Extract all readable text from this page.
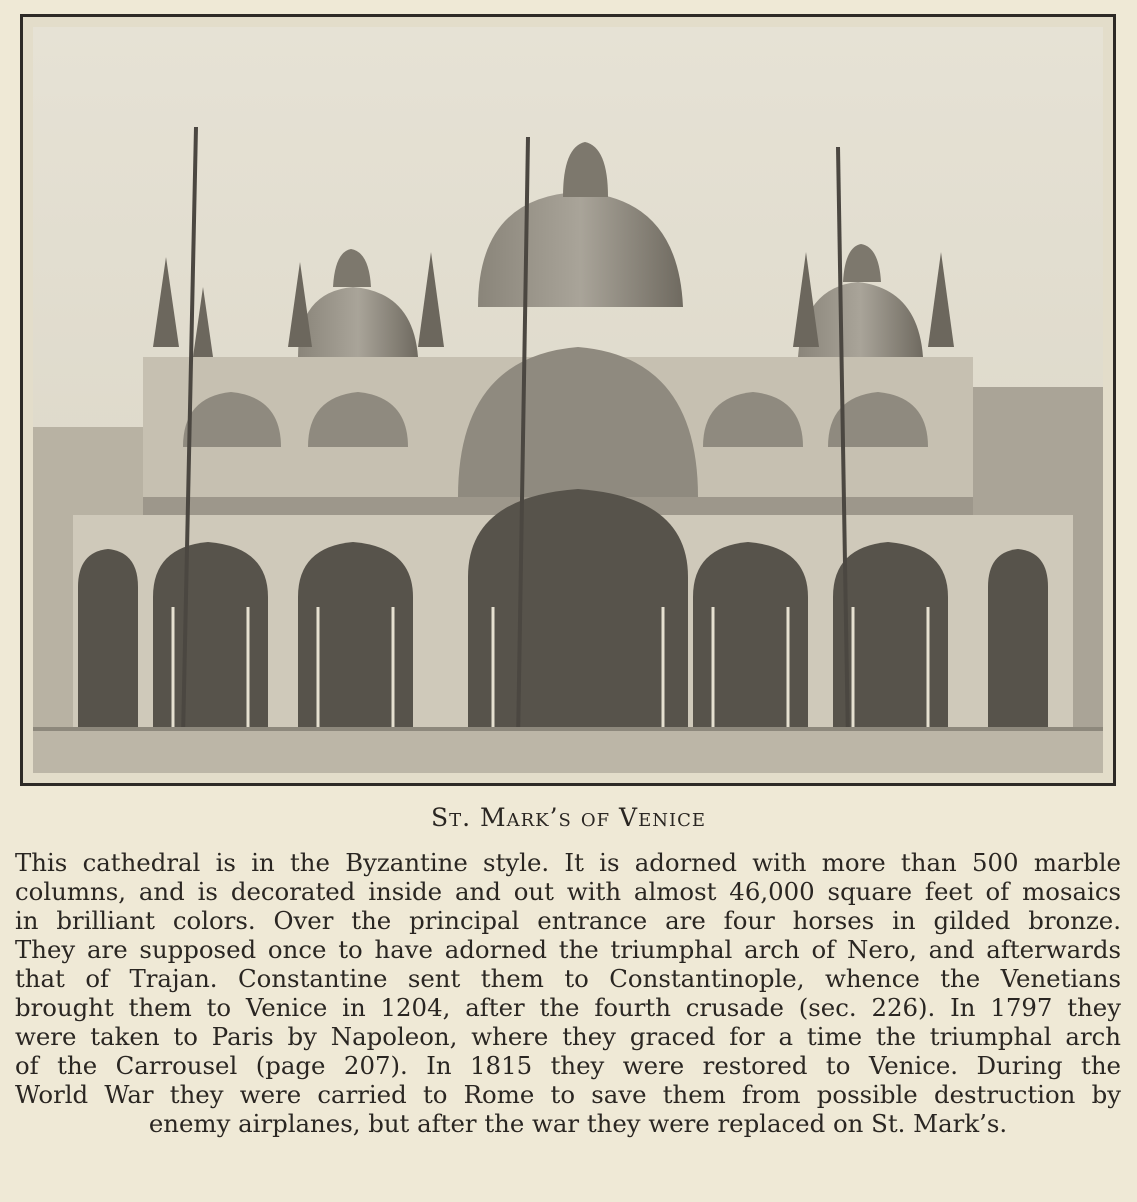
St. Mark’s of Venice
This cathedral is in the Byzantine style. It is adorned with more than 500 marble
columns, and is decorated inside and out with almost 46,000 square feet of mosaics
in brilliant colors. Over the principal entrance are four horses in gilded bronze.
They are supposed once to have adorned the triumphal arch of Nero, and afterwards
that of Trajan. Constantine sent them to Constantinople, whence the Venetians
brought them to Venice in 1204, after the fourth crusade (sec. 226). In 1797 they
were taken to Paris by Napoleon, where they graced for a time the triumphal arch
of the Carrousel (page 207). In 1815 they were restored to Venice. During the
World War they were carried to Rome to save them from possible destruction by
enemy airplanes, but after the war they were replaced on St. Mark’s.
